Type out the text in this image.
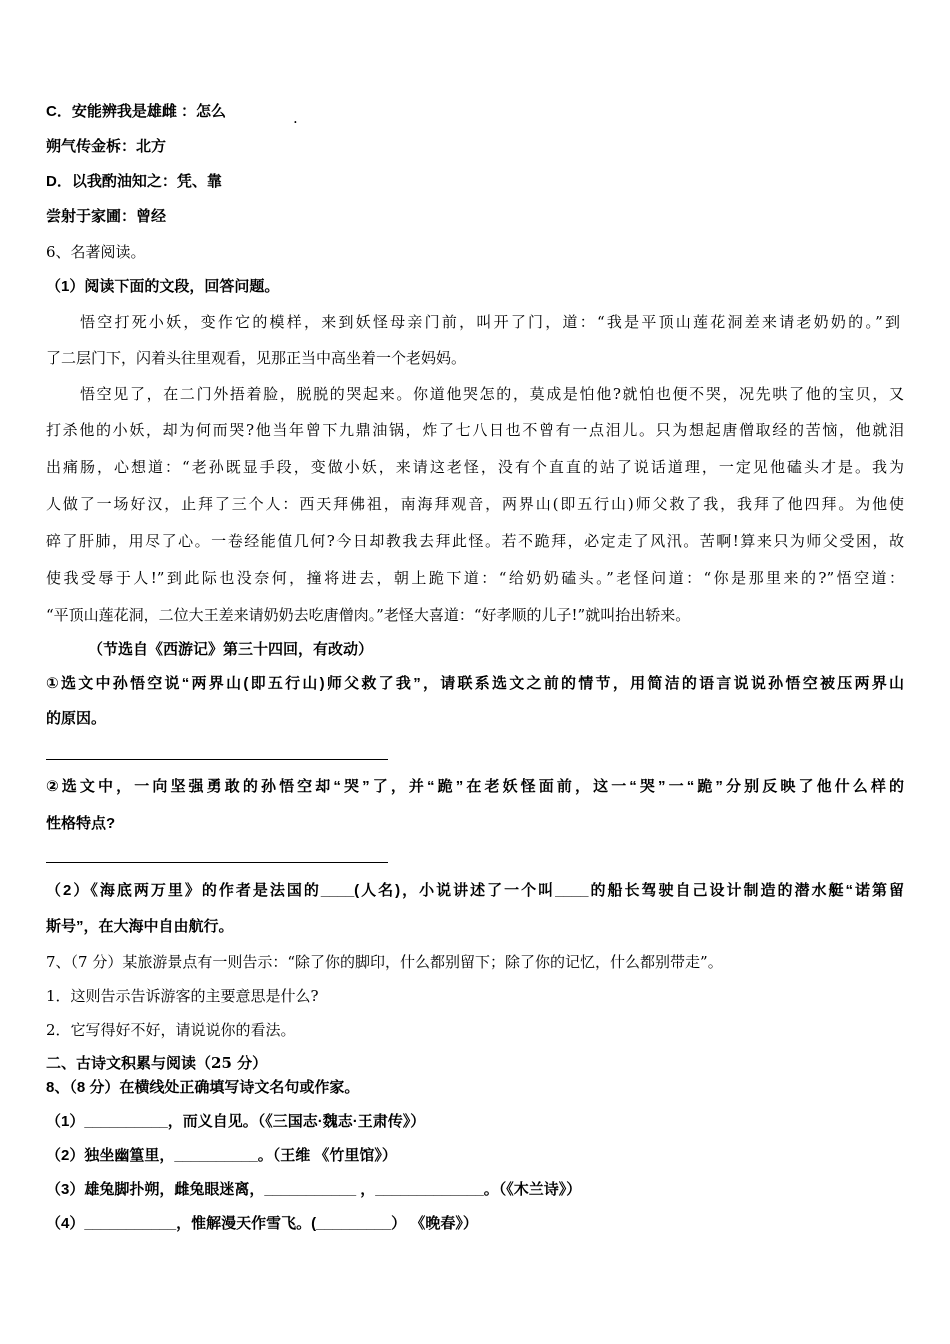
C．安能辨我是雄雌 ：怎么	.
朔气传金柝：北方
D．以我酌油知之：凭、靠
尝射于家圃：曾经
6、名著阅读。
（1）阅读下面的文段，回答问题。
悟空打死小妖，变作它的模样，来到妖怪母亲门前，叫开了门，道：“我是平顶山莲花洞差来请老奶奶的。”到
了二层门下，闪着头往里观看，见那正当中高坐着一个老妈妈。
悟空见了，在二门外捂着脸，脱脱的哭起来。你道他哭怎的，莫成是怕他?就怕也便不哭，况先哄了他的宝贝，又
打杀他的小妖，却为何而哭?他当年曾下九鼎油锅，炸了七八日也不曾有一点泪儿。只为想起唐僧取经的苦恼，他就泪
出痛肠，心想道：“老孙既显手段，变做小妖，来请这老怪，没有个直直的站了说话道理，一定见他磕头才是。我为
人做了一场好汉，止拜了三个人：西天拜佛祖，南海拜观音，两界山(即五行山)师父救了我，我拜了他四拜。为他使
碎了肝肺，用尽了心。一卷经能值几何?今日却教我去拜此怪。若不跪拜，必定走了风汛。苦啊!算来只为师父受困，故
使我受辱于人!”到此际也没奈何，撞将进去，朝上跪下道：“给奶奶磕头。”老怪问道：“你是那里来的?”悟空道：
“平顶山莲花洞，二位大王差来请奶奶去吃唐僧肉。”老怪大喜道：“好孝顺的儿子!”就叫抬出轿来。
（节选自《西游记》第三十四回，有改动）
①选文中孙悟空说“两界山(即五行山)师父救了我”，请联系选文之前的情节，用简洁的语言说说孙悟空被压两界山
的原因。
②选文中，一向坚强勇敢的孙悟空却“哭”了，并“跪”在老妖怪面前，这一“哭”一“跪”分别反映了他什么样的
性格特点?
（2）《海底两万里》的作者是法国的____(人名)，小说讲述了一个叫____的船长驾驶自己设计制造的潜水艇“诺第留
斯号”，在大海中自由航行。
7、（7 分）某旅游景点有一则告示：“除了你的脚印，什么都别留下；除了你的记忆，什么都别带走”。
1．这则告示告诉游客的主要意思是什么?
2．它写得好不好，请说说你的看法。
二、古诗文积累与阅读（25 分）
8、（8 分）在横线处正确填写诗文名句或作家。
（1）__________，而义自见。（《三国志·魏志·王肃传》）
（2）独坐幽篁里，__________。（王维 《竹里馆》）
（3）雄兔脚扑朔，雌兔眼迷离，___________ ，_____________。（《木兰诗》）
（4）___________，惟解漫天作雪飞。(_________） 《晚春》）
